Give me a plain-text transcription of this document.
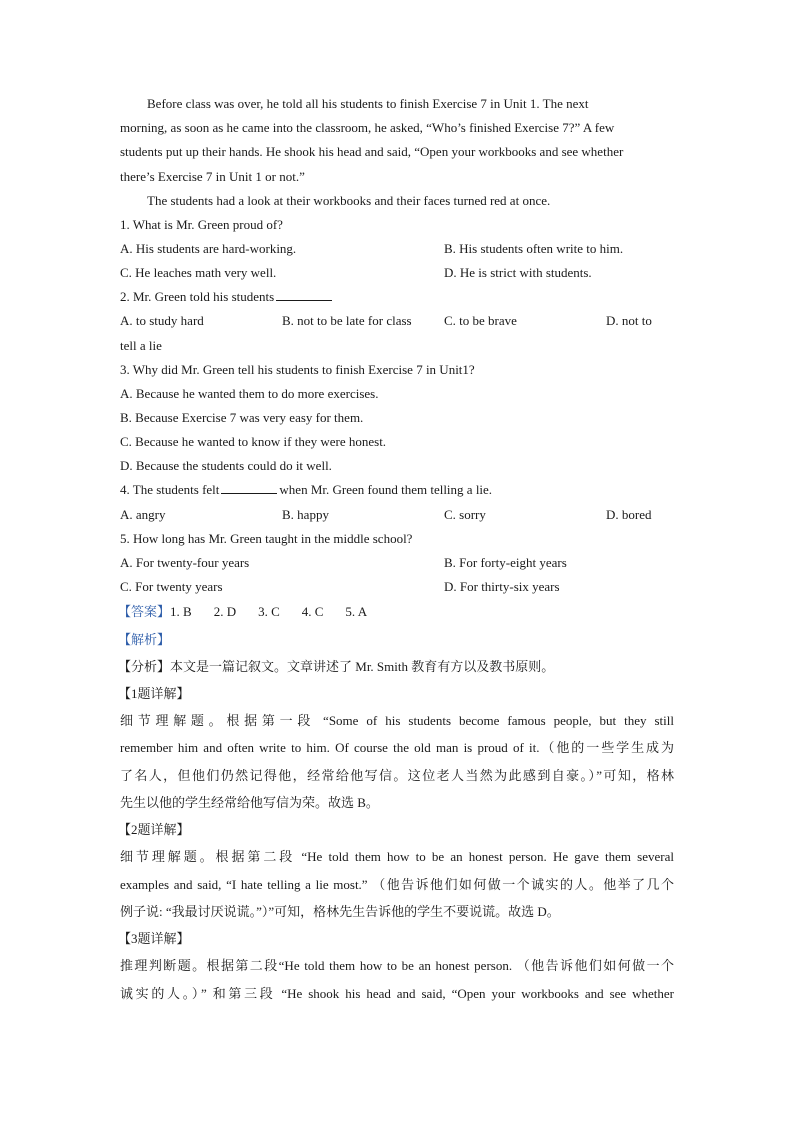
Before class was over, he told all his students to finish Exercise 7 in Unit 1. The next
morning, as soon as he came into the classroom, he asked, “Who’s finished Exercise 7?” A few
students put up their hands. He shook his head and said, “Open your workbooks and see whether
there’s Exercise 7 in Unit 1 or not.”
The students had a look at their workbooks and their faces turned red at once.
1. What is Mr. Green proud of?
A. His students are hard-working.	B. His students often write to him.
C. He leaches math very well.	D. He is strict with students.
2. Mr. Green told his students
A. to study hard	B. not to be late for class C. to be brave	D. not to
tell a lie
3. Why did Mr. Green tell his students to finish Exercise 7 in Unit1?
A. Because he wanted them to do more exercises.
B. Because Exercise 7 was very easy for them.
C. Because he wanted to know if they were honest.
D. Because the students could do it well.
4. The students felt	when Mr. Green found them telling a lie.
A. angry	B. happy	C. sorry	D. bored
5. How long has Mr. Green taught in the middle school?
A. For twenty-four years	B. For forty-eight years
C. For twenty years	D. For thirty-six years
【答案】1. B 2. D 3. C 4. C 5. A
【解析】
【分析】本文是一篇记叙文。文章讲述了 Mr. Smith 教育有方以及教书原则。
【1题详解】
细节理解题。根据第一段 “Some of his students become famous people, but they still
remember him and often write to him. Of course the old man is proud of it.（他的一些学生成为
了名人，但他们仍然记得他，经常给他写信。这位老人当然为此感到自豪。）”可知，格林
先生以他的学生经常给他写信为荣。故选 B。
【2题详解】
细节理解题。根据第二段 “He told them how to be an honest person. He gave them several
examples and said, “I hate telling a lie most.” （他告诉他们如何做一个诚实的人。他举了几个
例子说: “我最讨厌说谎。”）”可知，格林先生告诉他的学生不要说谎。故选 D。
【3题详解】
推理判断题。根据第二段“He told them how to be an honest person. （他告诉他们如何做一个
诚实的人。）” 和第三段 “He shook his head and said, “Open your workbooks and see whether
